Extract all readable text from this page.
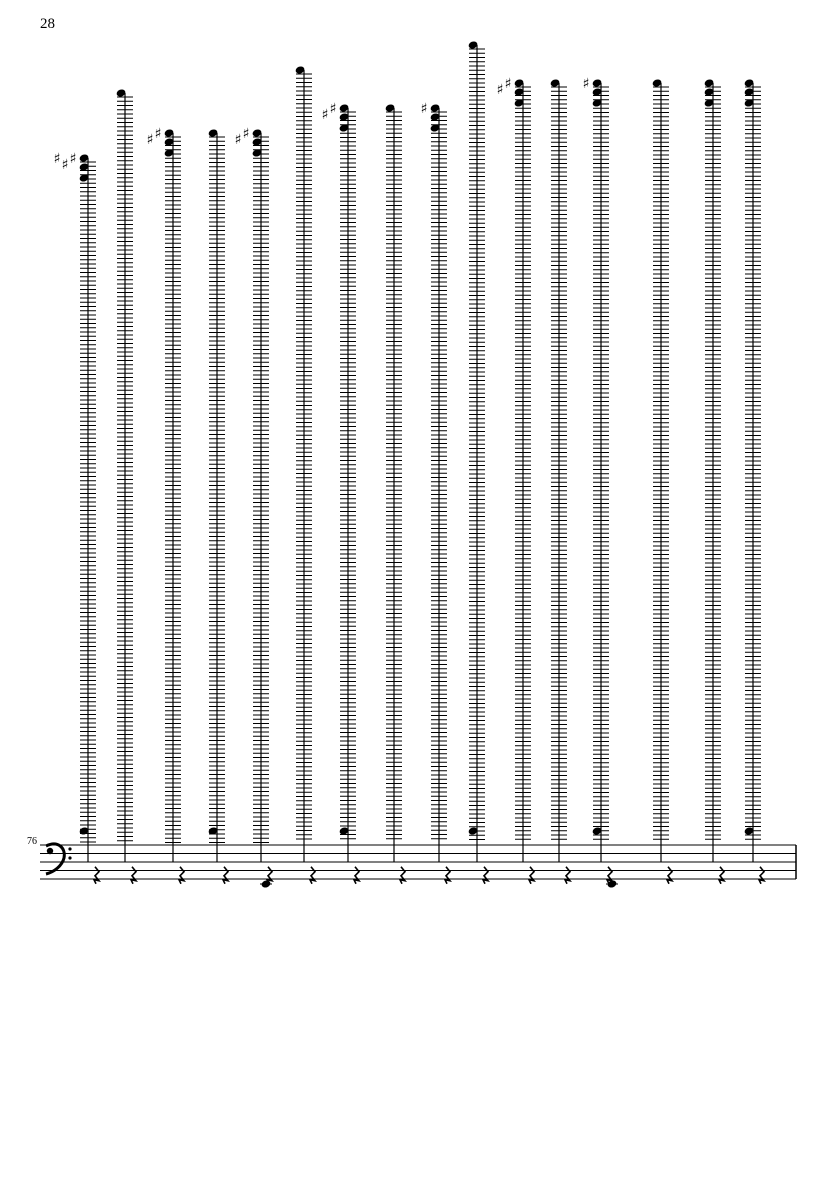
28
76
♯
♯
♯
♯
♯	♯
♯
♯
♯	♯
♯
♯	♯
